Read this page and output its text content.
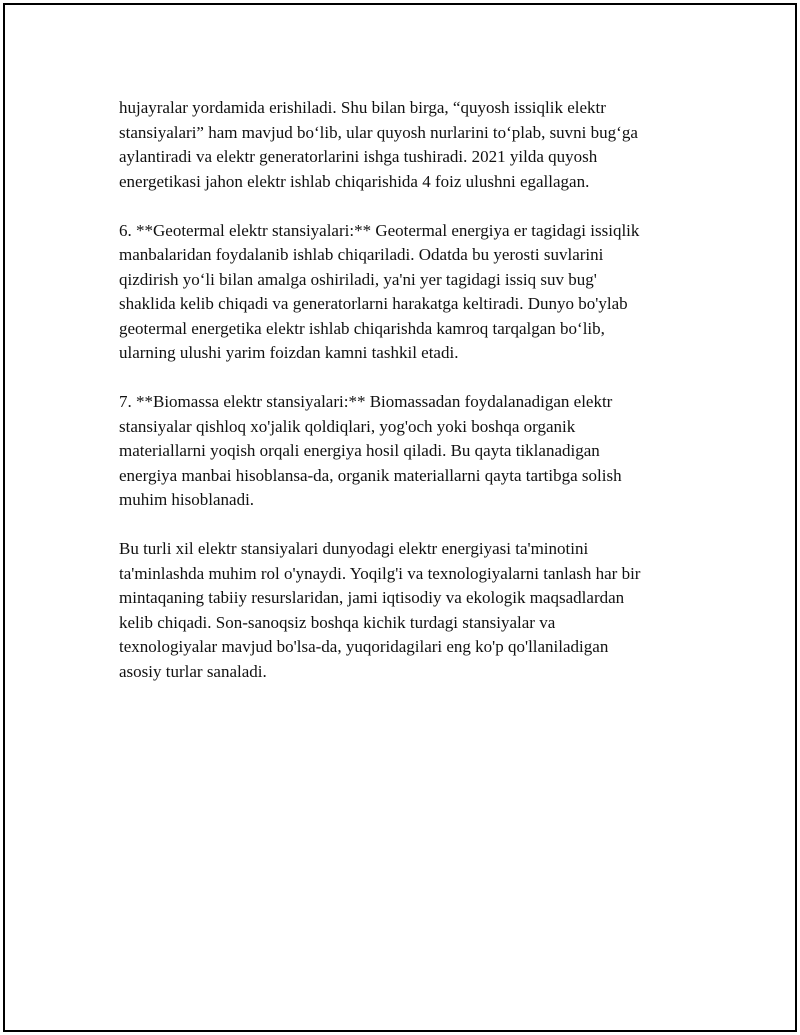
hujayralar yordamida erishiladi. Shu bilan birga, “quyosh issiqlik elektr
stansiyalari” ham mavjud bo‘lib, ular quyosh nurlarini to‘plab, suvni bug‘ga
aylantiradi va elektr generatorlarini ishga tushiradi. 2021 yilda quyosh
energetikasi jahon elektr ishlab chiqarishida 4 foiz ulushni egallagan.

6. **Geotermal elektr stansiyalari:** Geotermal energiya er tagidagi issiqlik
manbalaridan foydalanib ishlab chiqariladi. Odatda bu yerosti suvlarini
qizdirish yo‘li bilan amalga oshiriladi, ya'ni yer tagidagi issiq suv bug'
shaklida kelib chiqadi va generatorlarni harakatga keltiradi. Dunyo bo'ylab
geotermal energetika elektr ishlab chiqarishda kamroq tarqalgan bo‘lib,
ularning ulushi yarim foizdan kamni tashkil etadi.

7. **Biomassa elektr stansiyalari:** Biomassadan foydalanadigan elektr
stansiyalar qishloq xo'jalik qoldiqlari, yog'och yoki boshqa organik
materiallarni yoqish orqali energiya hosil qiladi. Bu qayta tiklanadigan
energiya manbai hisoblansa-da, organik materiallarni qayta tartibga solish
muhim hisoblanadi.

Bu turli xil elektr stansiyalari dunyodagi elektr energiyasi ta'minotini
ta'minlashda muhim rol o'ynaydi. Yoqilg'i va texnologiyalarni tanlash har bir
mintaqaning tabiiy resurslaridan, jami iqtisodiy va ekologik maqsadlardan
kelib chiqadi. Son-sanoqsiz boshqa kichik turdagi stansiyalar va
texnologiyalar mavjud bo'lsa-da, yuqoridagilari eng ko'p qo'llaniladigan
asosiy turlar sanaladi.
